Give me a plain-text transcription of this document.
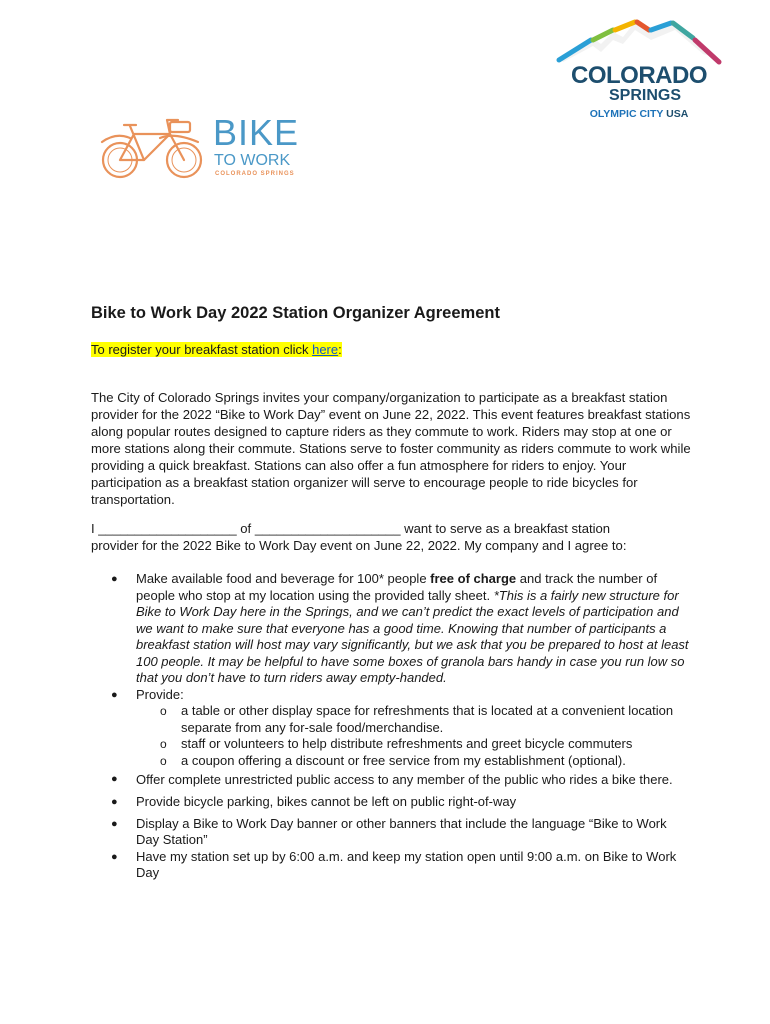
COLORADO
SPRINGS
OLYMPIC CITY USA
BIKE
TO WORK
COLORADO SPRINGS
Bike to Work Day 2022 Station Organizer Agreement
To register your breakfast station click here:

The City of Colorado Springs invites your company/organization to participate as a breakfast station provider for the 2022 “Bike to Work Day” event on June 22, 2022. This event features breakfast stations along popular routes designed to capture riders as they commute to work. Riders may stop at one or more stations along their commute. Stations serve to foster community as riders commute to work while providing a quick breakfast. Stations can also offer a fun atmosphere for riders to enjoy. Your participation as a breakfast station organizer will serve to encourage people to ride bicycles for transportation.

I ___________________ of ____________________ want to serve as a breakfast station
provider for the 2022 Bike to Work Day event on June 22, 2022. My company and I agree to:

● Make available food and beverage for 100* people free of charge and track the number of people who stop at my location using the provided tally sheet. *This is a fairly new structure for Bike to Work Day here in the Springs, and we can’t predict the exact levels of participation and we want to make sure that everyone has a good time. Knowing that number of participants a breakfast station will host may vary significantly, but we ask that you be prepared to host at least 100 people. It may be helpful to have some boxes of granola bars handy in case you run low so that you don’t have to turn riders away empty-handed.
● Provide:
o a table or other display space for refreshments that is located at a convenient location separate from any for-sale food/merchandise.
o staff or volunteers to help distribute refreshments and greet bicycle commuters
o a coupon offering a discount or free service from my establishment (optional).
● Offer complete unrestricted public access to any member of the public who rides a bike there.
● Provide bicycle parking, bikes cannot be left on public right-of-way
● Display a Bike to Work Day banner or other banners that include the language “Bike to Work Day Station”
● Have my station set up by 6:00 a.m. and keep my station open until 9:00 a.m. on Bike to Work Day
